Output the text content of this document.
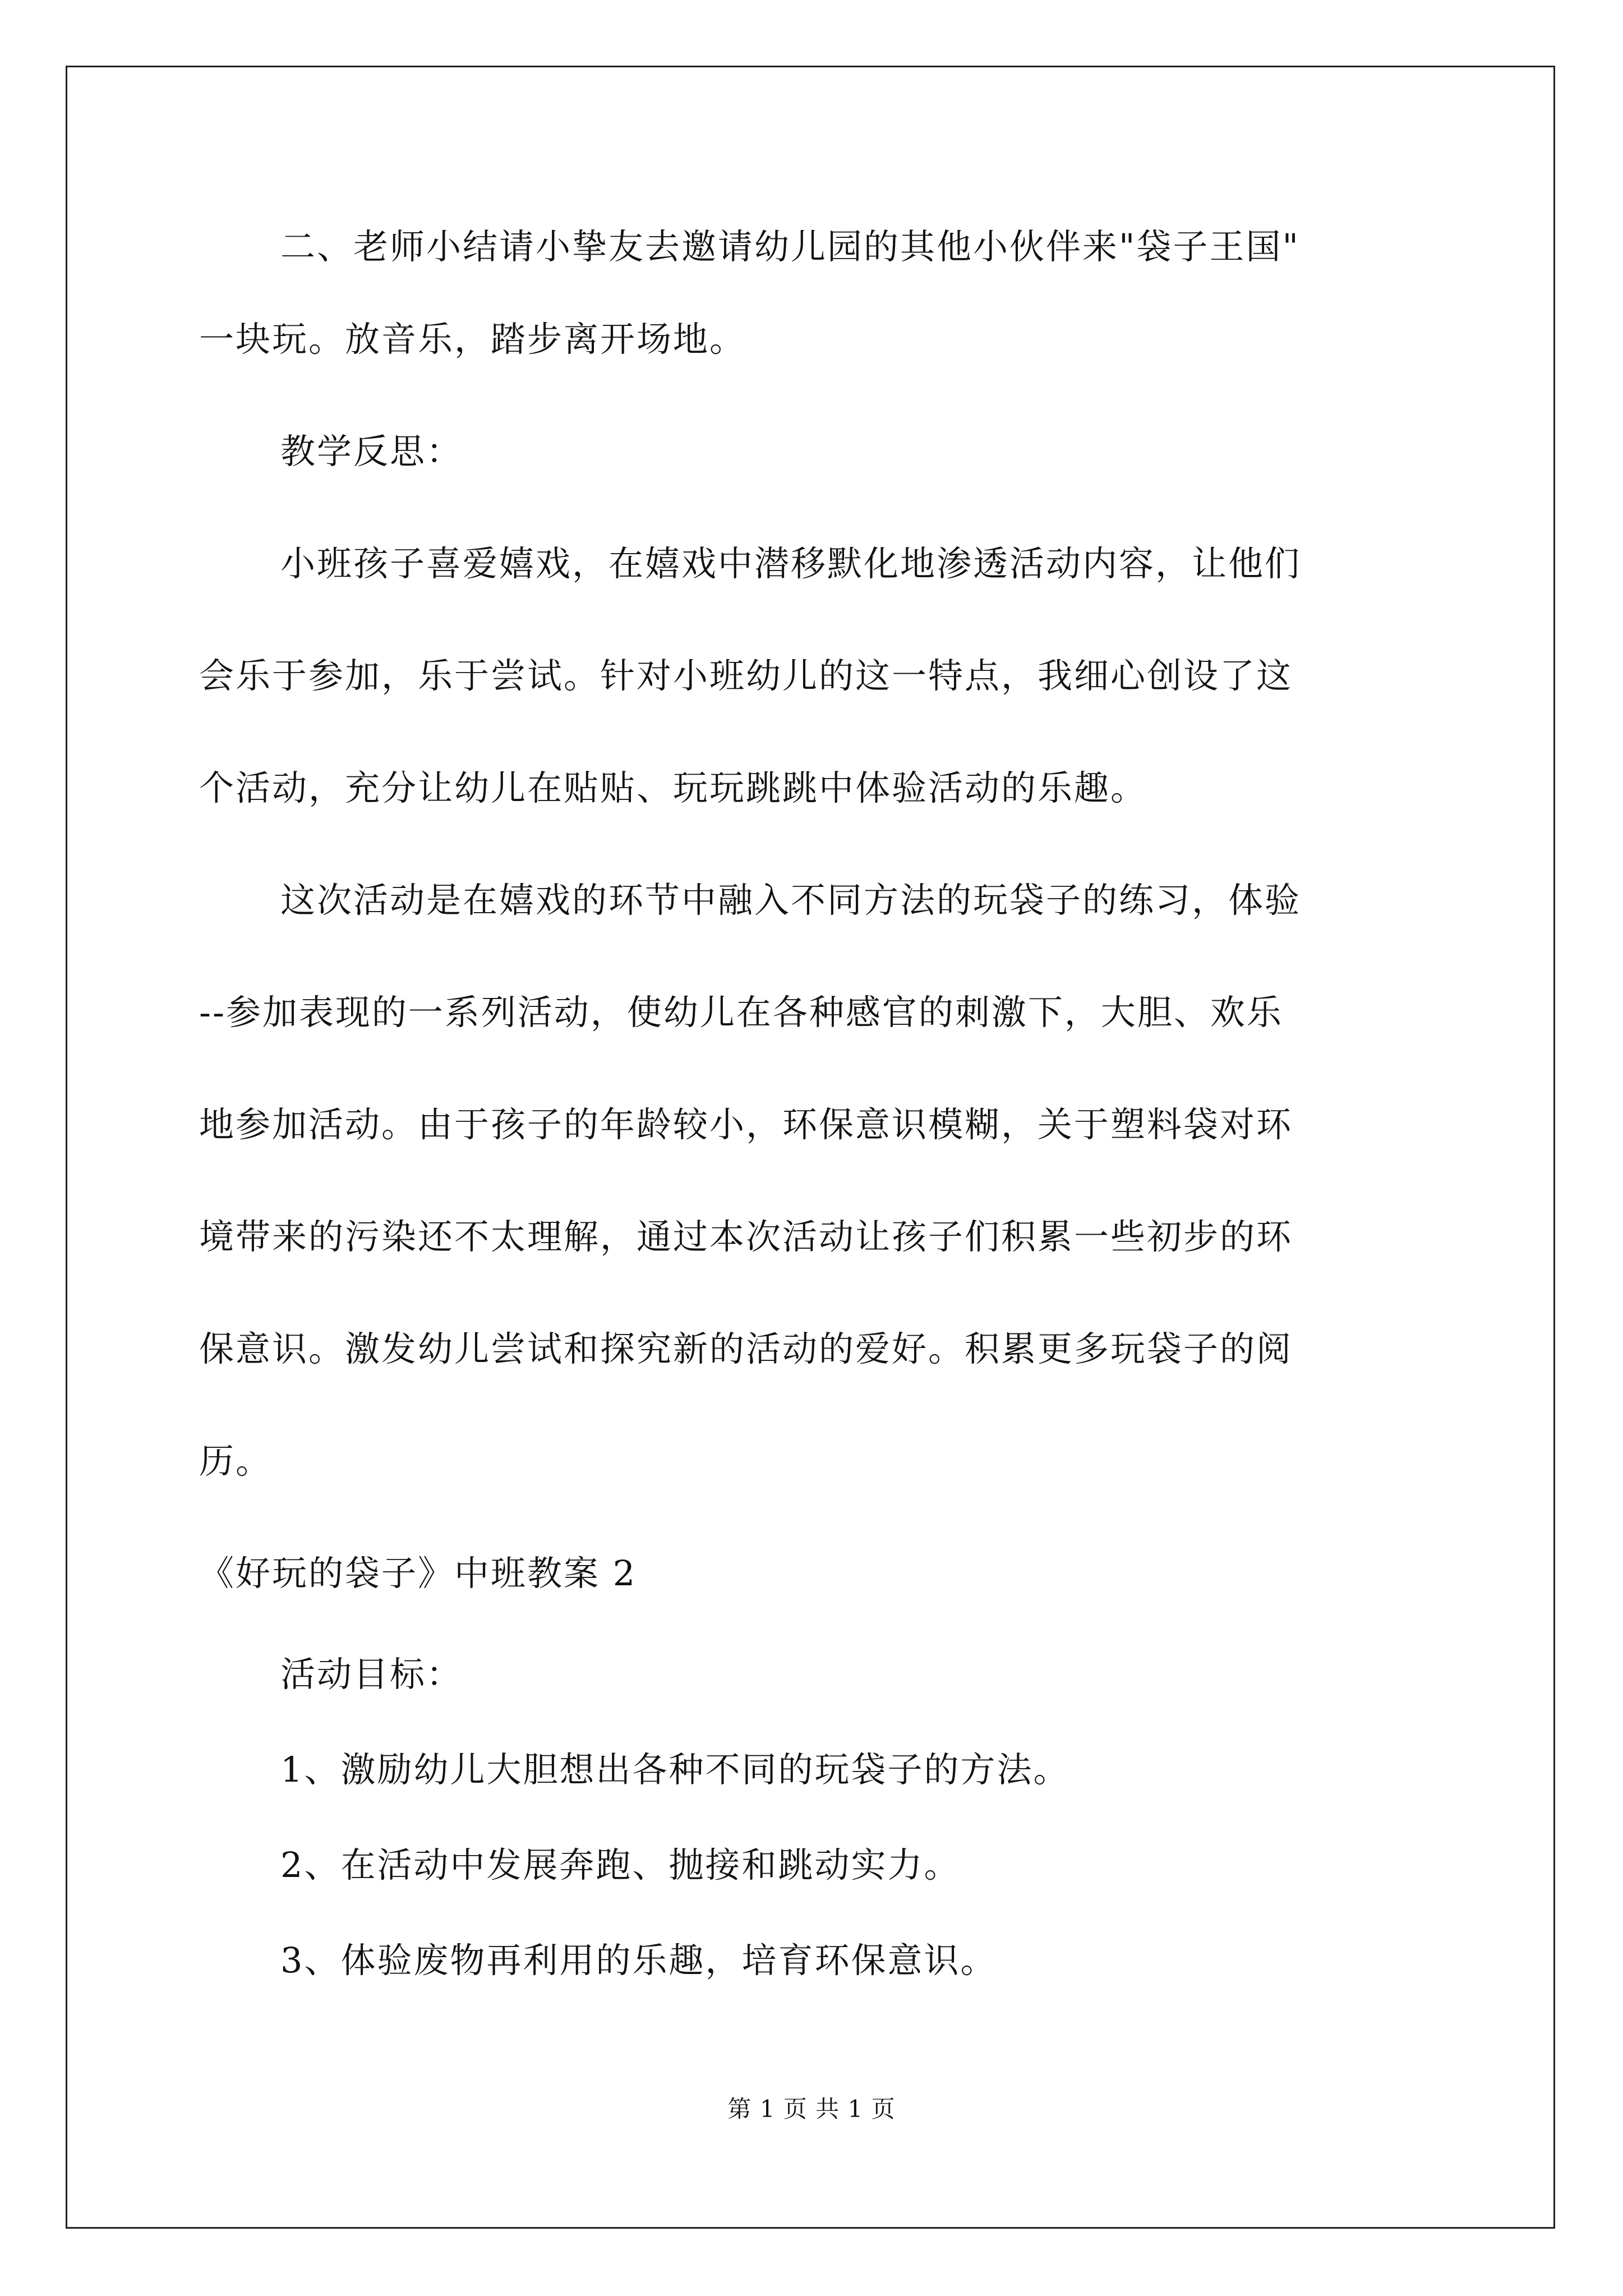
二、老师小结请小挚友去邀请幼儿园的其他小伙伴来"袋子王国"
一块玩。放音乐，踏步离开场地。
教学反思：
小班孩子喜爱嬉戏，在嬉戏中潜移默化地渗透活动内容，让他们
会乐于参加，乐于尝试。针对小班幼儿的这一特点，我细心创设了这
个活动，充分让幼儿在贴贴、玩玩跳跳中体验活动的乐趣。
这次活动是在嬉戏的环节中融入不同方法的玩袋子的练习，体验
--参加表现的一系列活动，使幼儿在各种感官的刺激下，大胆、欢乐
地参加活动。由于孩子的年龄较小，环保意识模糊，关于塑料袋对环
境带来的污染还不太理解，通过本次活动让孩子们积累一些初步的环
保意识。激发幼儿尝试和探究新的活动的爱好。积累更多玩袋子的阅
历。
《好玩的袋子》中班教案 2
活动目标：
1、激励幼儿大胆想出各种不同的玩袋子的方法。
2、在活动中发展奔跑、抛接和跳动实力。
3、体验废物再利用的乐趣，培育环保意识。
第 1 页 共 1 页
